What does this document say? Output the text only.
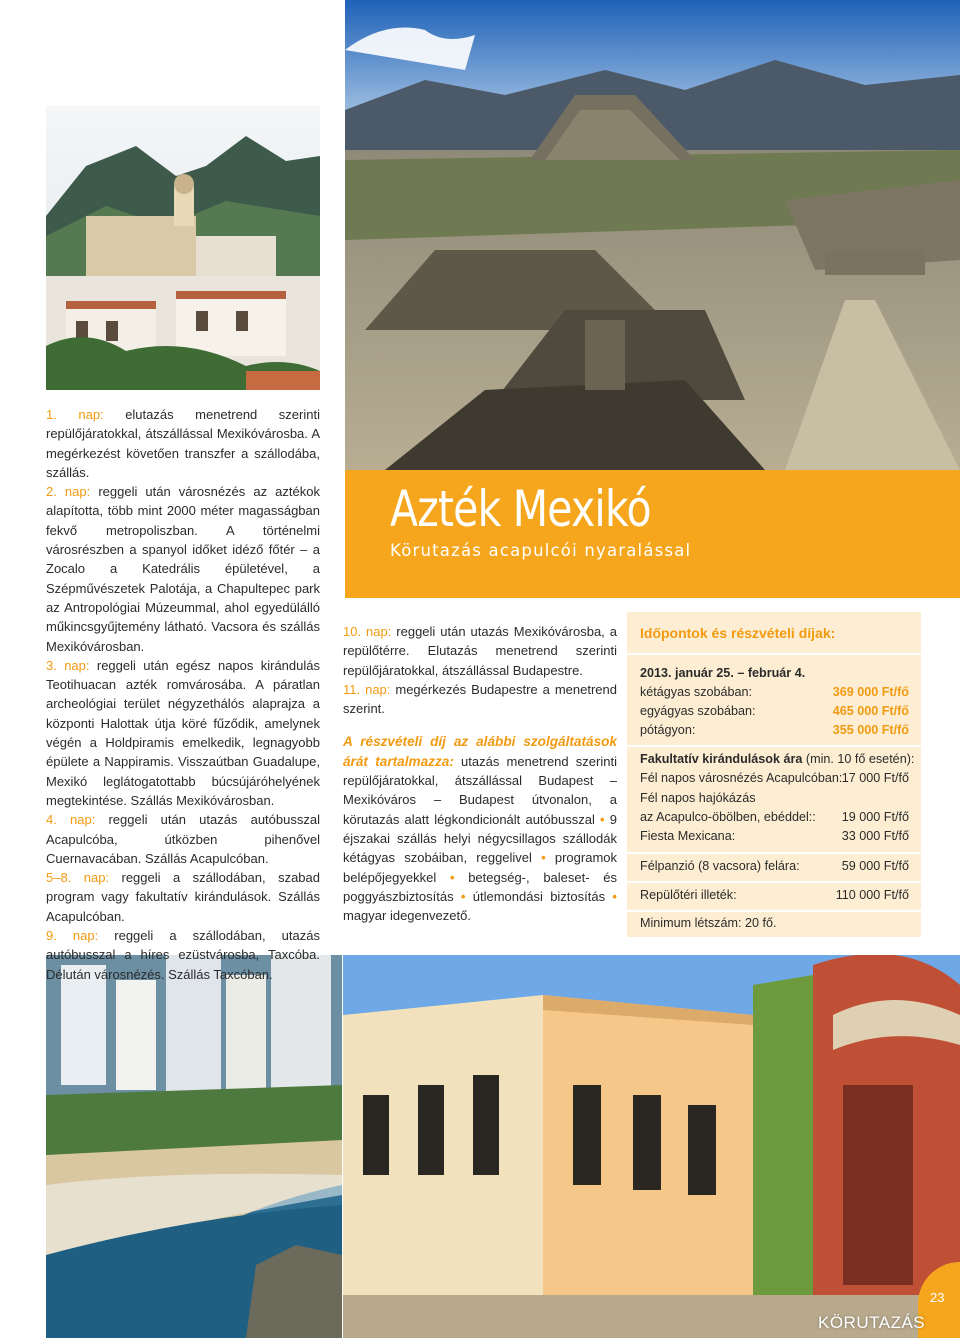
Azték Mexikó
Körutazás acapulcói nyaralással

1. nap: elutazás menetrend szerinti repülőjáratokkal, átszállással Mexikóvárosba. A megérkezést követően transzfer a szállodába, szállás.

2. nap: reggeli után városnézés az aztékok alapította, több mint 2000 méter magasságban fekvő metropoliszban. A történelmi városrészben a spanyol időket idéző főtér – a Zocalo a Katedrális épületével, a Szépművészetek Palotája, a Chapultepec park az Antropológiai Múzeummal, ahol egyedülálló műkincsgyűjtemény látható. Vacsora és szállás Mexikóvárosban.

3. nap: reggeli után egész napos kirándulás Teotihuacan azték romvárosába. A páratlan archeológiai terület négyzethálós alaprajza a központi Halottak útja köré fűződik, amelynek végén a Holdpiramis emelkedik, legnagyobb épülete a Nappiramis. Visszaútban Guadalupe, Mexikó leglátogatottabb búcsújáróhelyének megtekintése. Szállás Mexikóvárosban.

4. nap: reggeli után utazás autóbusszal Acapulcóba, útközben pihenővel Cuernavacában. Szállás Acapulcóban.

5–8. nap: reggeli a szállodában, szabad program vagy fakultatív kirándulások. Szállás Acapulcóban.

9. nap: reggeli a szállodában, utazás autóbusszal a híres ezüstvárosba, Taxcóba. Délután városnézés. Szállás Taxcóban.

10. nap: reggeli után utazás Mexikóvárosba, a repülőtérre. Elutazás menetrend szerinti repülőjáratokkal, átszállással Budapestre.

11. nap: megérkezés Budapestre a menetrend szerint.

A részvételi díj az alábbi szolgáltatások árát tartalmazza: utazás menetrend szerinti repülőjáratokkal, átszállással Budapest – Mexikóváros – Budapest útvonalon, a körutazás alatt légkondicionált autóbusszal • 9 éjszakai szállás helyi négycsillagos szállodák kétágyas szobáiban, reggelivel • programok belépőjegyekkel • betegség-, baleset- és poggyászbiztosítás • útlemondási biztosítás • magyar idegenvezető.

Időpontok és részvételi díjak:

2013. január 25. – február 4.
kétágyas szobában:	369 000 Ft/fő
egyágyas szobában:	465 000 Ft/fő
pótágyon:	355 000 Ft/fő
Fakultatív kirándulások ára (min. 10 fő esetén):
Fél napos városnézés Acapulcóban: 17 000 Ft/fő
Fél napos hajókázás
az Acapulco-öbölben, ebéddel:: 19 000 Ft/fő
Fiesta Mexicana:	33 000 Ft/fő
Félpanzió (8 vacsora) felára:	59 000 Ft/fő
Repülőtéri illeték:	110 000 Ft/fő
Minimum létszám: 20 fő.
23
KÖRUTAZÁS
